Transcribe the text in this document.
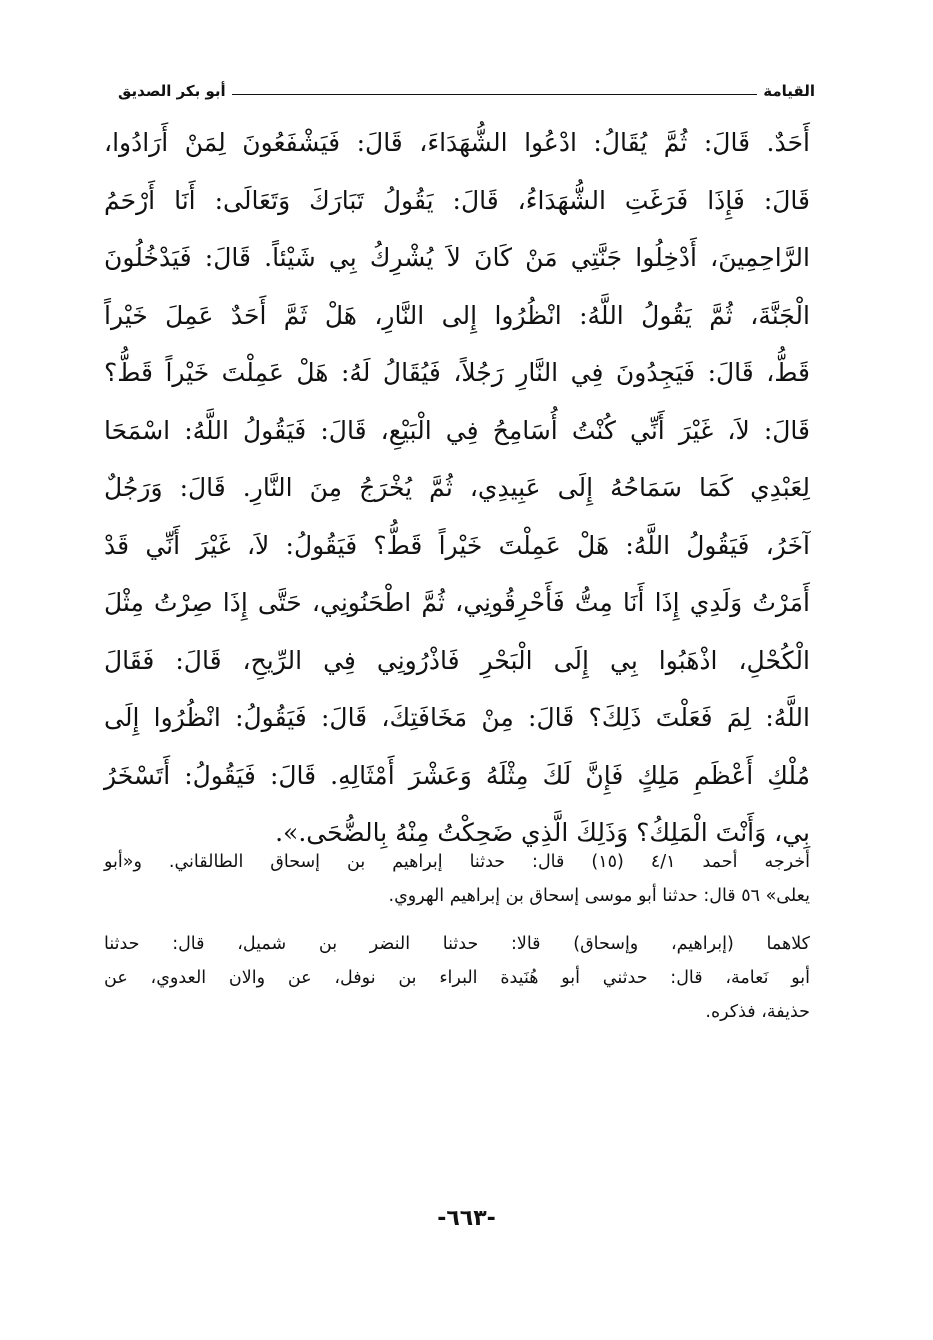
القيامة
أبو بكر الصديق
أَحَدٌ. قَالَ: ثُمَّ يُقَالُ: ادْعُوا الشُّهَدَاءَ، قَالَ: فَيَشْفَعُونَ لِمَنْ أَرَادُوا،
قَالَ: فَإِذَا فَرَغَتِ الشُّهَدَاءُ، قَالَ: يَقُولُ تَبَارَكَ وَتَعَالَى: أَنَا أَرْحَمُ
الرَّاحِمِينَ، أَدْخِلُوا جَنَّتِي مَنْ كَانَ لاَ يُشْرِكُ بِي شَيْئاً. قَالَ: فَيَدْخُلُونَ
الْجَنَّةَ، ثُمَّ يَقُولُ اللَّهُ: انْظُرُوا إِلى النَّارِ، هَلْ ثَمَّ أَحَدٌ عَمِلَ خَيْراً
قَطُّ، قَالَ: فَيَجِدُونَ فِي النَّارِ رَجُلاً، فَيُقَالُ لَهُ: هَلْ عَمِلْتَ خَيْراً قَطُّ؟
قَالَ: لاَ، غَيْرَ أَنِّي كُنْتُ أُسَامِحُ فِي الْبَيْعِ، قَالَ: فَيَقُولُ اللَّهُ: اسْمَحَا
لِعَبْدِي كَمَا سَمَاحُهُ إِلَى عَبِيدِي، ثُمَّ يُخْرَجُ مِنَ النَّارِ. قَالَ: وَرَجُلٌ
آخَرُ، فَيَقُولُ اللَّهُ: هَلْ عَمِلْتَ خَيْراً قَطُّ؟ فَيَقُولُ: لاَ، غَيْرَ أَنِّي قَدْ
أَمَرْتُ وَلَدِي إِذَا أَنَا مِتُّ فَأَحْرِقُونِي، ثُمَّ اطْحَنُونِي، حَتَّى إِذَا صِرْتُ مِثْلَ
الْكُحْلِ، اذْهَبُوا بِي إِلَى الْبَحْرِ فَاذْرُونِي فِي الرِّيحِ، قَالَ: فَقَالَ
اللَّهُ: لِمَ فَعَلْتَ ذَلِكَ؟ قَالَ: مِنْ مَخَافَتِكَ، قَالَ: فَيَقُولُ: انْظُرُوا إِلَى
مُلْكِ أَعْظَمِ مَلِكٍ فَإِنَّ لَكَ مِثْلَهُ وَعَشْرَ أَمْثَالِهِ. قَالَ: فَيَقُولُ: أَتَسْخَرُ
بِي، وَأَنْتَ الْمَلِكُ؟ وَذَلِكَ الَّذِي ضَحِكْتُ مِنْهُ بِالضُّحَى.».
أخرجه أحمد ٤/١ (١٥) قال: حدثنا إبراهيم بن إسحاق الطالقاني. و«أبو
يعلى» ٥٦ قال: حدثنا أبو موسى إسحاق بن إبراهيم الهروي.
كلاهما (إبراهيم، وإسحاق) قالا: حدثنا النضر بن شميل، قال: حدثنا
أبو نَعامة، قال: حدثني أبو هُنَيدة البراء بن نوفل، عن والان العدوي، عن
حذيفة، فذكره.
-٦٦٣-
